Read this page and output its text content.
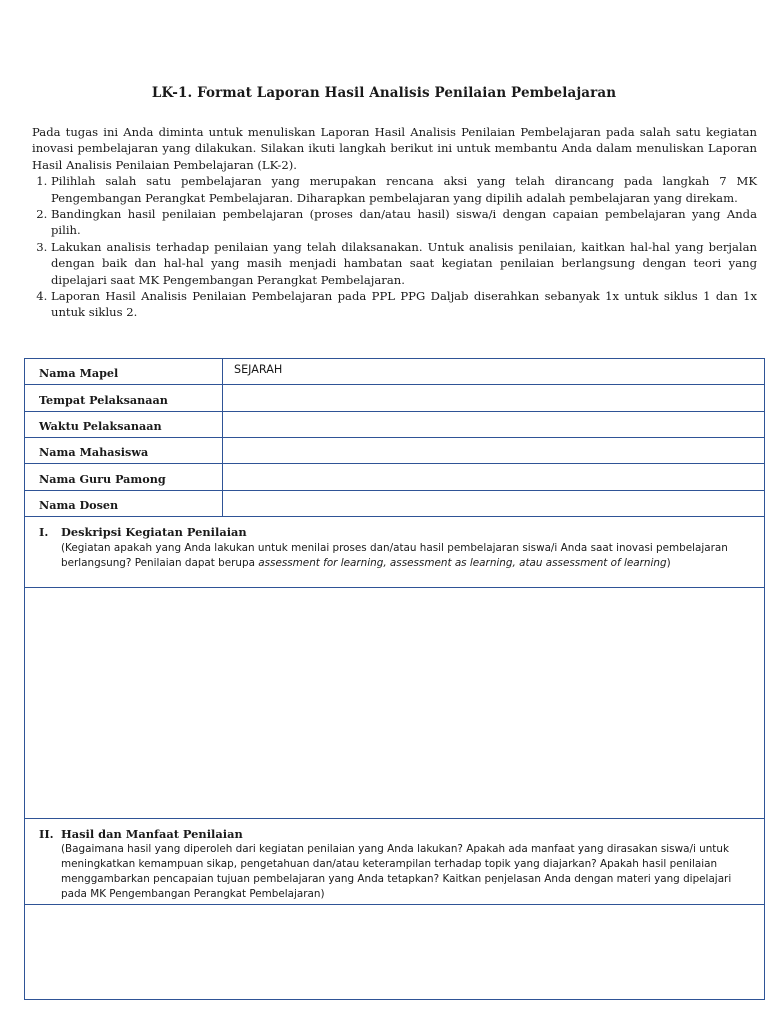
LK-1. Format Laporan Hasil Analisis Penilaian Pembelajaran

Pada tugas ini Anda diminta untuk menuliskan Laporan Hasil Analisis Penilaian Pembelajaran pada salah satu kegiatan inovasi pembelajaran yang dilakukan. Silakan ikuti langkah berikut ini untuk membantu Anda dalam menuliskan Laporan Hasil Analisis Penilaian Pembelajaran (LK-2).

1. Pilihlah salah satu pembelajaran yang merupakan rencana aksi yang telah dirancang pada langkah 7 MK Pengembangan Perangkat Pembelajaran. Diharapkan pembelajaran yang dipilih adalah pembelajaran yang direkam.
2. Bandingkan hasil penilaian pembelajaran (proses dan/atau hasil) siswa/i dengan capaian pembelajaran yang Anda pilih.
3. Lakukan analisis terhadap penilaian yang telah dilaksanakan. Untuk analisis penilaian, kaitkan hal-hal yang berjalan dengan baik dan hal-hal yang masih menjadi hambatan saat kegiatan penilaian berlangsung dengan teori yang dipelajari saat MK Pengembangan Perangkat Pembelajaran.
4. Laporan Hasil Analisis Penilaian Pembelajaran pada PPL PPG Daljab diserahkan sebanyak 1x untuk siklus 1 dan 1x untuk siklus 2.
Nama Mapel	SEJARAH
Tempat Pelaksanaan
Waktu Pelaksanaan
Nama Mahasiswa
Nama Guru Pamong
Nama Dosen
I. Deskripsi Kegiatan Penilaian
(Kegiatan apakah yang Anda lakukan untuk menilai proses dan/atau hasil pembelajaran siswa/i Anda saat inovasi pembelajaran berlangsung? Penilaian dapat berupa assessment for learning, assessment as learning, atau assessment of learning)
II. Hasil dan Manfaat Penilaian
(Bagaimana hasil yang diperoleh dari kegiatan penilaian yang Anda lakukan? Apakah ada manfaat yang dirasakan siswa/i untuk meningkatkan kemampuan sikap, pengetahuan dan/atau keterampilan terhadap topik yang diajarkan? Apakah hasil penilaian menggambarkan pencapaian tujuan pembelajaran yang Anda tetapkan? Kaitkan penjelasan Anda dengan materi yang dipelajari pada MK Pengembangan Perangkat Pembelajaran)
